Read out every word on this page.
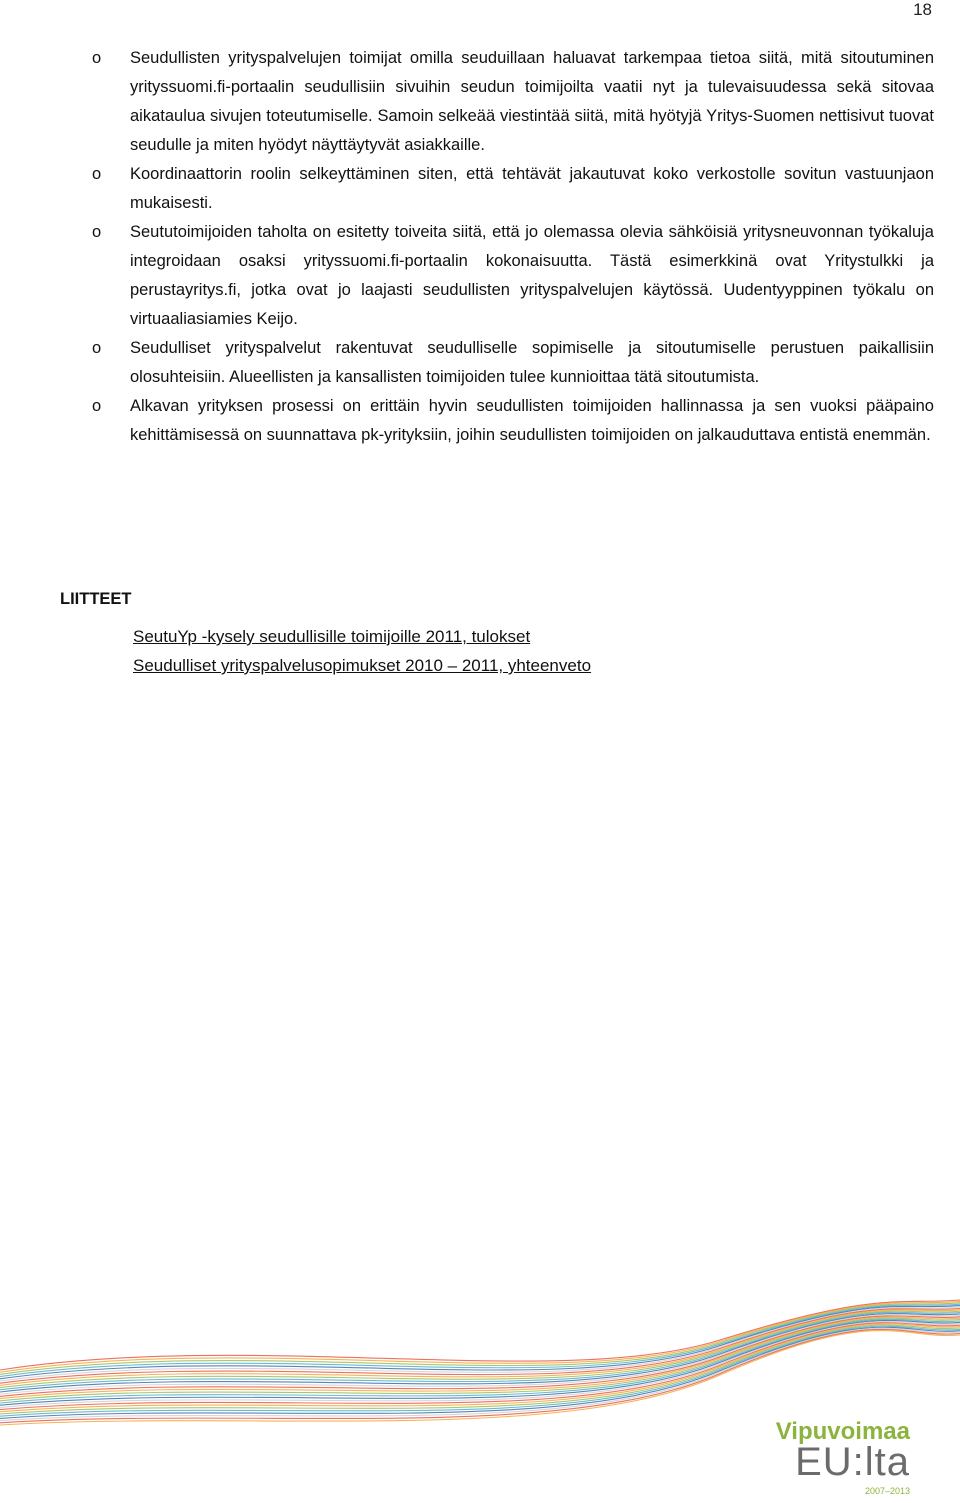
18
o Seudullisten yrityspalvelujen toimijat omilla seuduillaan haluavat tarkempaa tietoa siitä, mitä sitoutuminen yrityssuomi.fi-portaalin seudullisiin sivuihin seudun toimijoilta vaatii nyt ja tulevaisuudessa sekä sitovaa aikataulua sivujen toteutumiselle. Samoin selkeää viestintää siitä, mitä hyötyjä Yritys-Suomen nettisivut tuovat seudulle ja miten hyödyt näyttäytyvät asiakkaille.
o Koordinaattorin roolin selkeyttäminen siten, että tehtävät jakautuvat koko verkostolle sovitun vastuunjaon mukaisesti.
o Seututoimijoiden taholta on esitetty toiveita siitä, että jo olemassa olevia sähköisiä yritysneuvonnan työkaluja integroidaan osaksi yrityssuomi.fi-portaalin kokonaisuutta. Tästä esimerkkinä ovat Yritystulkki ja perustayritys.fi, jotka ovat jo laajasti seudullisten yrityspalvelujen käytössä. Uudentyyppinen työkalu on virtuaaliasiamies Keijo.
o Seudulliset yrityspalvelut rakentuvat seudulliselle sopimiselle ja sitoutumiselle perustuen paikallisiin olosuhteisiin. Alueellisten ja kansallisten toimijoiden tulee kunnioittaa tätä sitoutumista.
o Alkavan yrityksen prosessi on erittäin hyvin seudullisten toimijoiden hallinnassa ja sen vuoksi pääpaino kehittämisessä on suunnattava pk-yrityksiin, joihin seudullisten toimijoiden on jalkauduttava entistä enemmän.
LIITTEET
SeutuYp -kysely seudullisille toimijoille 2011, tulokset
Seudulliset yrityspalvelusopimukset 2010 – 2011, yhteenveto
Vipuvoimaa
EU:lta
2007–2013
